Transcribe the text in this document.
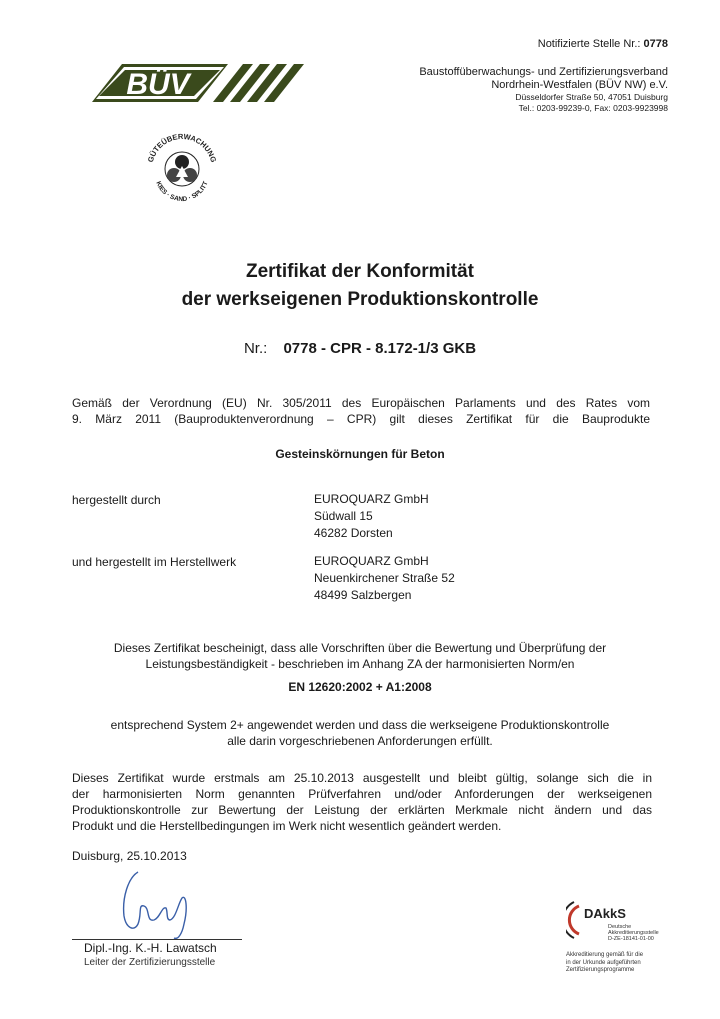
Notifizierte Stelle Nr.: 0778
Baustoffüberwachungs- und Zertifizierungsverband
Nordrhein-Westfalen (BÜV NW) e.V.
Düsseldorfer Straße 50, 47051 Duisburg
Tel.: 0203-99239-0, Fax: 0203-9923998
BÜV
GÜTEÜBERWACHUNG
KIES · SAND · SPLITT
Zertifikat der Konformität
der werkseigenen Produktionskontrolle
Nr.: 0778 - CPR - 8.172-1/3 GKB
Gemäß der Verordnung (EU) Nr. 305/2011 des Europäischen Parlaments und des Rates vom
9. März 2011 (Bauproduktenverordnung – CPR) gilt dieses Zertifikat für die Bauprodukte
Gesteinskörnungen für Beton
hergestellt durch	EUROQUARZ GmbH
Südwall 15
46282 Dorsten
und hergestellt im Herstellwerk	EUROQUARZ GmbH
Neuenkirchener Straße 52
48499 Salzbergen
Dieses Zertifikat bescheinigt, dass alle Vorschriften über die Bewertung und Überprüfung der
Leistungsbeständigkeit - beschrieben im Anhang ZA der harmonisierten Norm/en
EN 12620:2002 + A1:2008
entsprechend System 2+ angewendet werden und dass die werkseigene Produktionskontrolle
alle darin vorgeschriebenen Anforderungen erfüllt.
Dieses Zertifikat wurde erstmals am 25.10.2013 ausgestellt und bleibt gültig, solange sich die in
der harmonisierten Norm genannten Prüfverfahren und/oder Anforderungen der werkseigenen
Produktionskontrolle zur Bewertung der Leistung der erklärten Merkmale nicht ändern und das
Produkt und die Herstellbedingungen im Werk nicht wesentlich geändert werden.
Duisburg, 25.10.2013
Dipl.-Ing. K.-H. Lawatsch
Leiter der Zertifizierungsstelle
DAkkS
Deutsche
Akkreditierungsstelle
D-ZE-18141-01-00
Akkreditierung gemäß für die
in der Urkunde aufgeführten
Zertifizierungsprogramme
